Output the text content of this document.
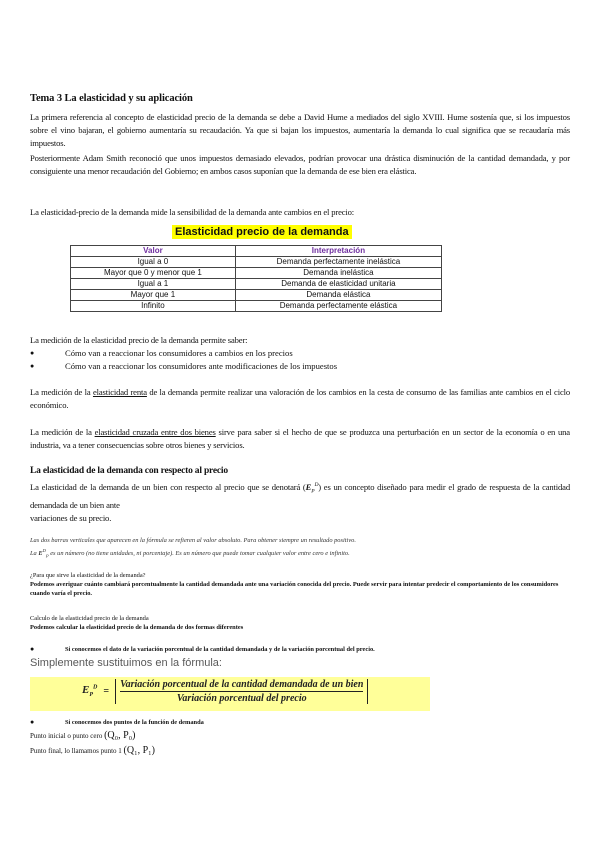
Tema 3 La elasticidad y su aplicación

La primera referencia al concepto de elasticidad precio de la demanda se debe a David Hume a mediados del siglo XVIII. Hume sostenía que, si los impuestos sobre el vino bajaran, el gobierno aumentaría su recaudación. Ya que si bajan los impuestos, aumentaría la demanda lo cual significa que se recaudaría más impuestos.

Posteriormente Adam Smith reconoció que unos impuestos demasiado elevados, podrían provocar una drástica disminución de la cantidad demandada, y por consiguiente una menor recaudación del Gobierno; en ambos casos suponían que la demanda de ese bien era elástica.

La elasticidad-precio de la demanda mide la sensibilidad de la demanda ante cambios en el precio:

Elasticidad precio de la demanda
Valor	Interpretación
Igual a 0	Demanda perfectamente inelástica
Mayor que 0 y menor que 1	Demanda inelástica
Igual a 1	Demanda de elasticidad unitaria
Mayor que 1	Demanda elástica
Infinito	Demanda perfectamente elástica

La medición de la elasticidad precio de la demanda permite saber:

● Cómo van a reaccionar los consumidores a cambios en los precios
● Cómo van a reaccionar los consumidores ante modificaciones de los impuestos

La medición de la elasticidad renta de la demanda permite realizar una valoración de los cambios en la cesta de consumo de las familias ante cambios en el ciclo económico.

La medición de la elasticidad cruzada entre dos bienes sirve para saber si el hecho de que se produzca una perturbación en un sector de la economía o en una industria, va a tener consecuencias sobre otros bienes y servicios.

La elasticidad de la demanda con respecto al precio

La elasticidad de la demanda de un bien con respecto al precio que se denotará $(E_P^D)$ es un concepto diseñado para medir el grado de respuesta de la cantidad demandada de un bien ante
variaciones de su precio.

Las dos barras verticales que aparecen en la fórmula se refieren al valor absoluto. Para obtener siempre un resultado positivo.
La $E^D_P$ es un número (no tiene unidades, ni porcentaje). Es un número que puede tomar cualquier valor entre cero e infinito.
¿Para que sirve la elasticidad de la demanda?
Podemos averiguar cuánto cambiará porcentualmente la cantidad demandada ante una variación conocida del precio. Puede servir para intentar predecir el comportamiento de los consumidores cuando varía el precio.
Calculo de la elasticidad precio de la demanda
Podemos calcular la elasticidad precio de la demanda de dos formas diferentes
● Si conocemos el dato de la variación porcentual de la cantidad demandada y de la variación porcentual del precio.
Simplemente sustituimos en la fórmula:
$E_P^D = \frac{\text{Variación porcentual de la cantidad demandada de un bien}}{\text{Variación porcentual del precio}}$
● Si conocemos dos puntos de la función de demanda
Punto inicial o punto cero (Q₀, P₀)
Punto final, lo llamamos punto 1 (Q₁, P₁)
